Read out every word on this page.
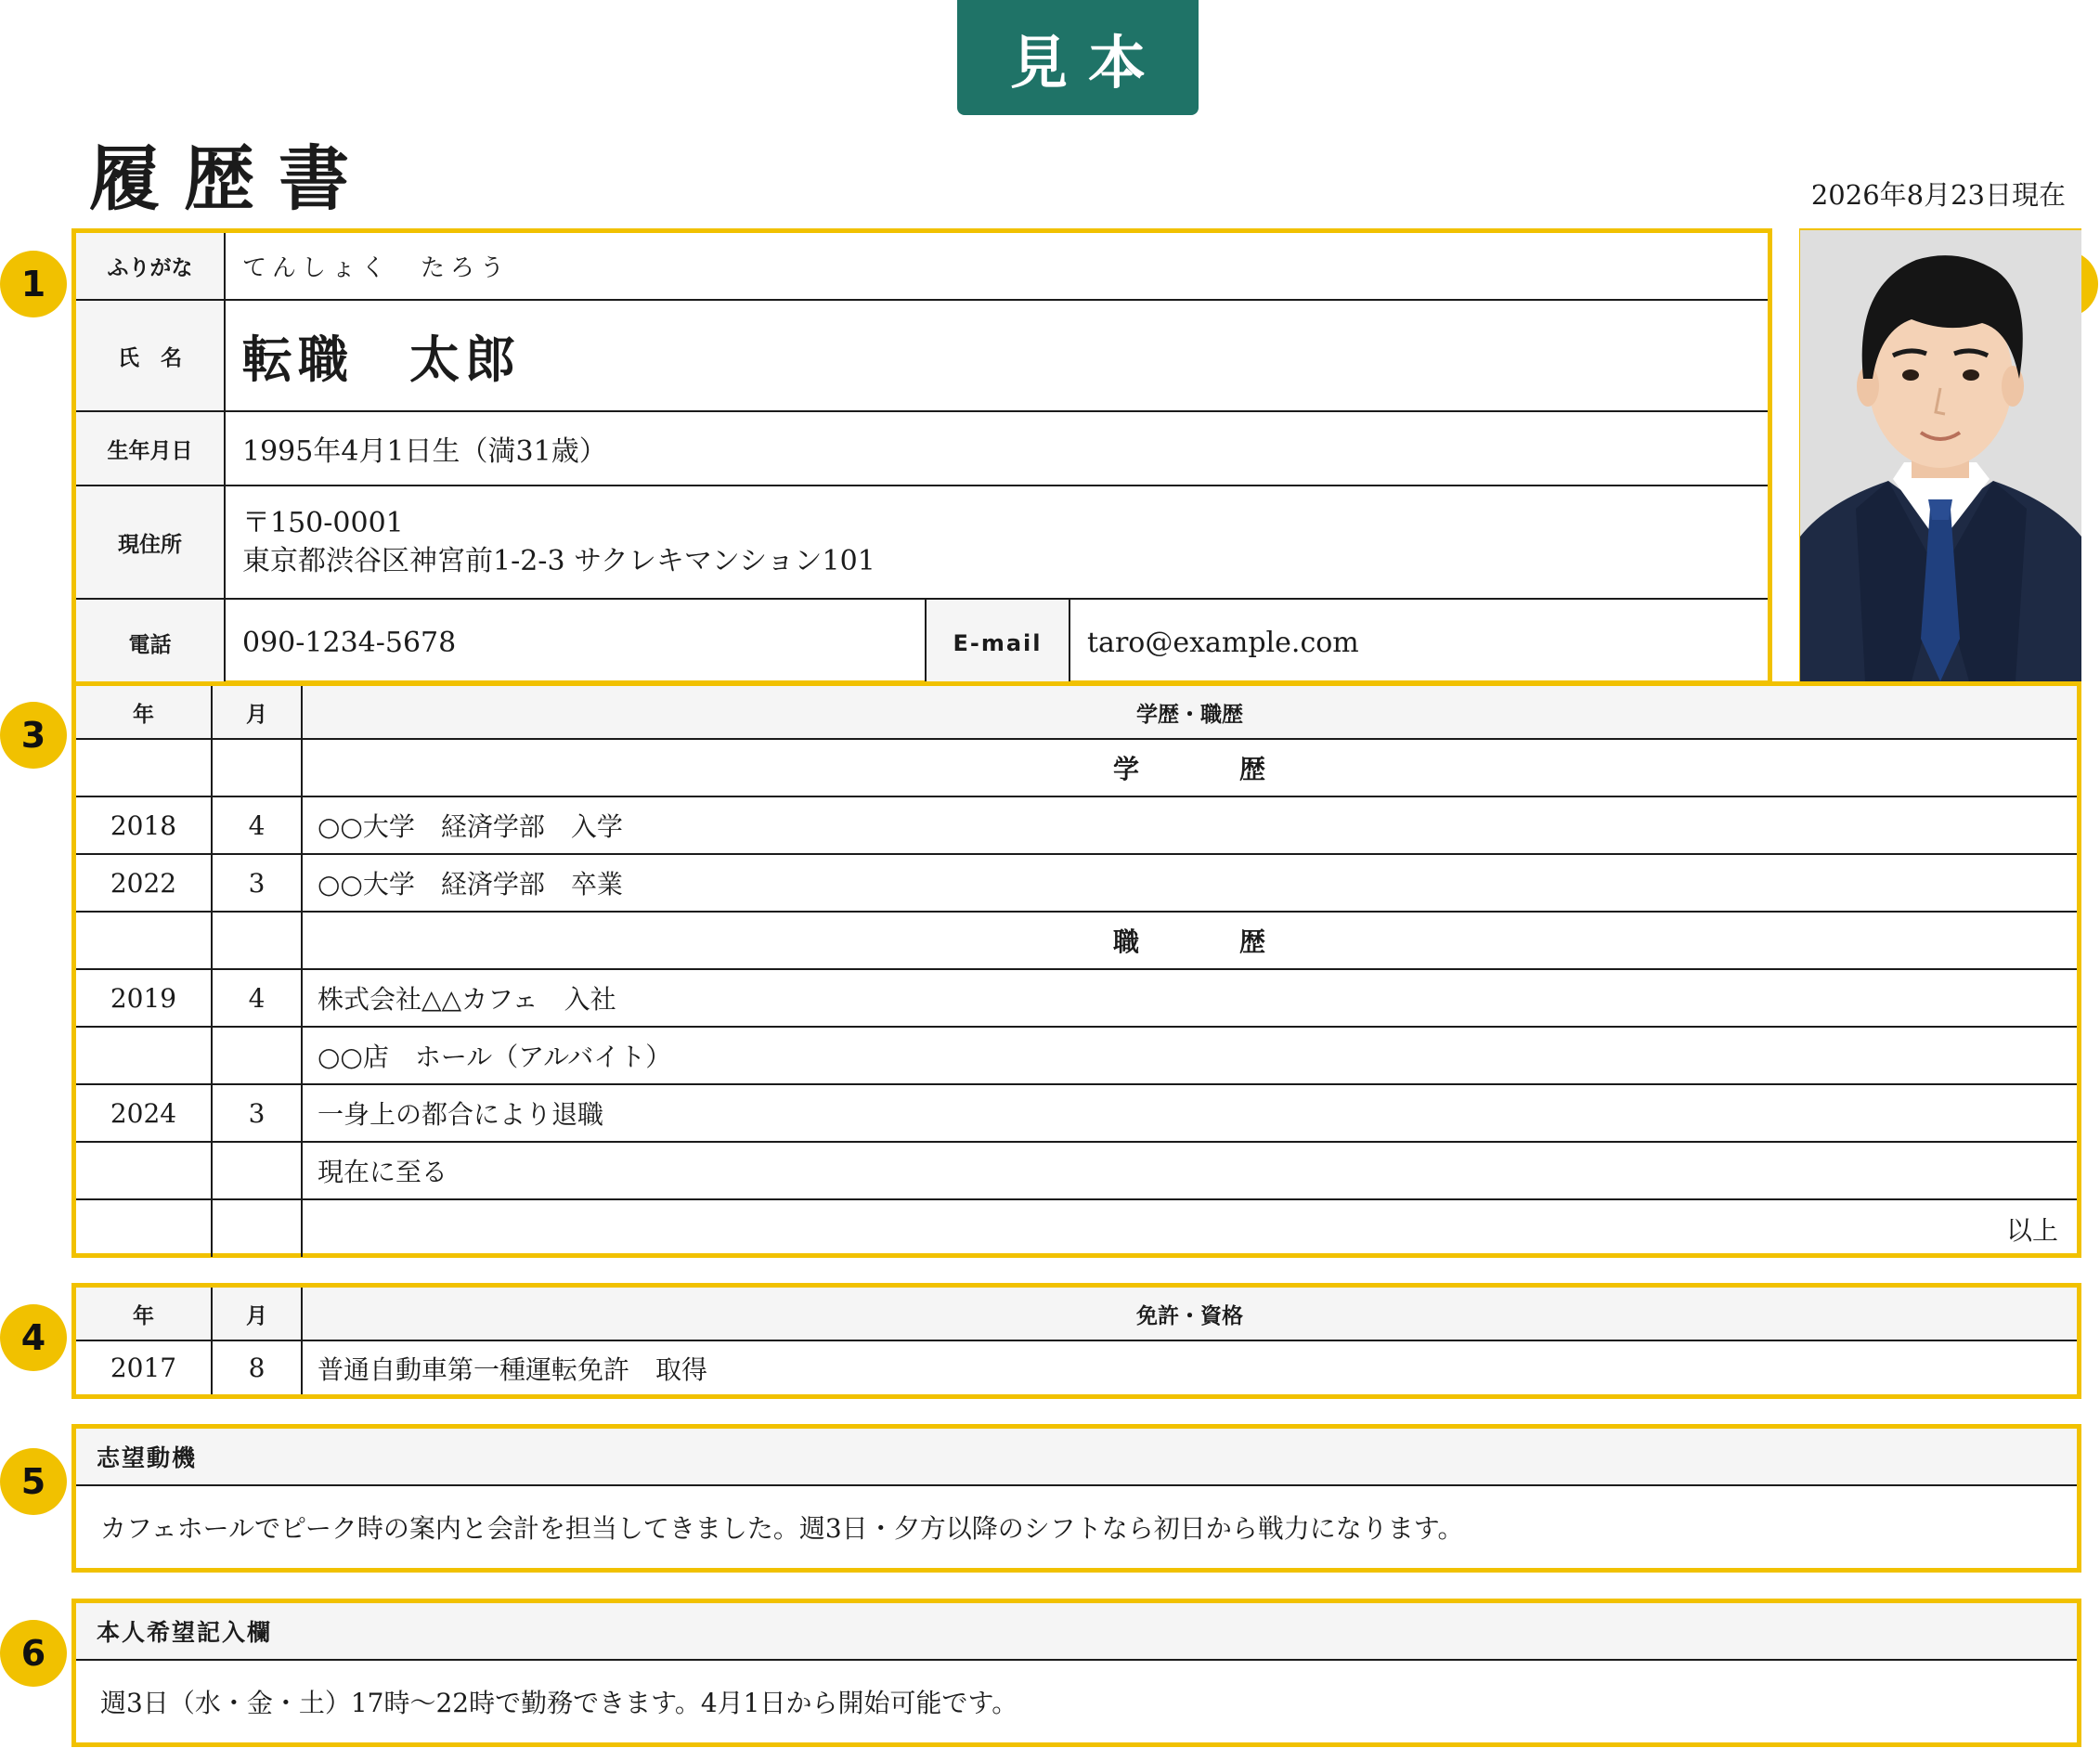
見本
履歴書	2026年8月23日現在
1
3
4
5
6
ふりがな	てんしょく　たろう		
氏　名	転職　太郎		
生年月日	1995年4月1日生（満31歳）		
現住所	〒150-0001
東京都渋谷区神宮前1-2-3 サクレキマンション101		

電話	090-1234-5678	E-mail	taro@example.com
年	月	学歴・職歴
		学　歴
2018	4	○○大学　経済学部　入学
2022	3	○○大学　経済学部　卒業
		職　歴
2019	4	株式会社△△カフェ　入社
		○○店　ホール（アルバイト）
2024	3	一身上の都合により退職
		現在に至る
		以上
年	月	免許・資格
2017	8	普通自動車第一種運転免許　取得
志望動機
カフェホールでピーク時の案内と会計を担当してきました。週3日・夕方以降のシフトなら初日から戦力になります。
本人希望記入欄
週3日（水・金・土）17時〜22時で勤務できます。4月1日から開始可能です。
